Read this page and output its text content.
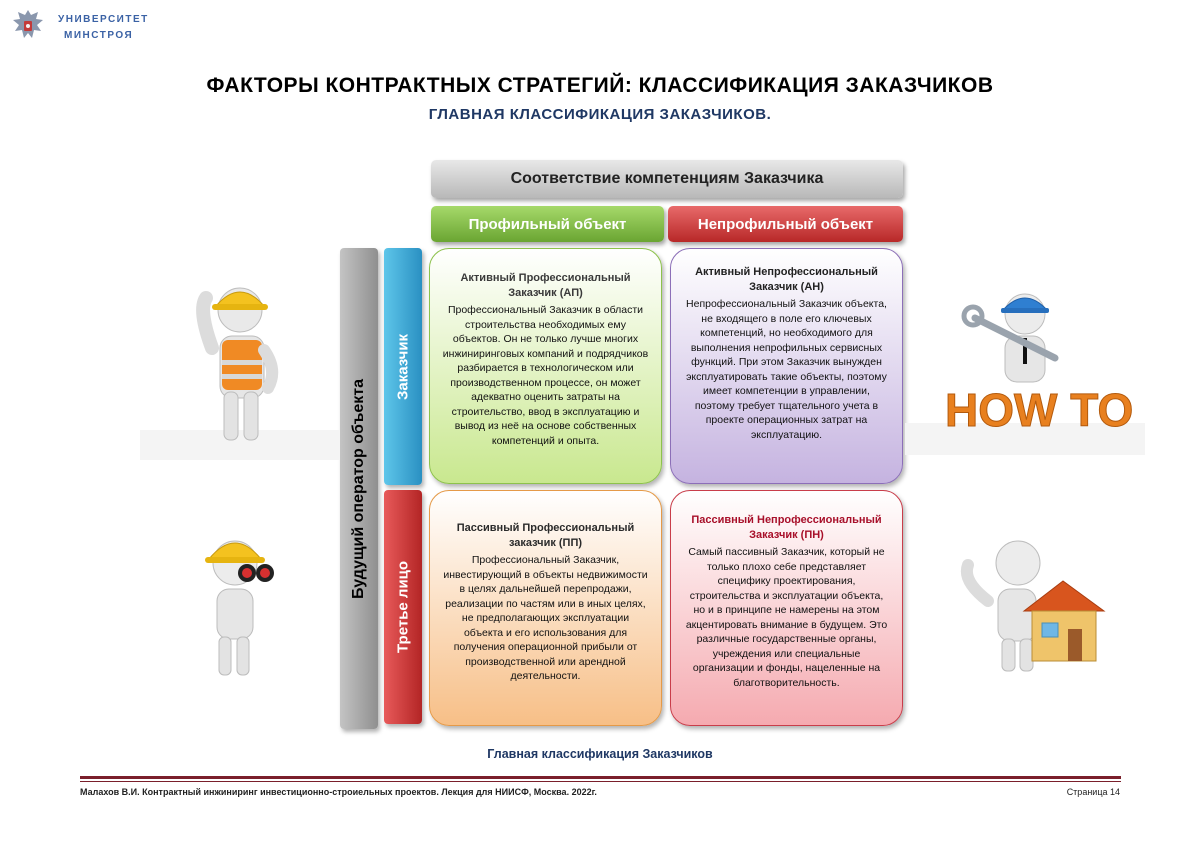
УНИВЕРСИТЕТ
МИНСТРОЯ
ФАКТОРЫ КОНТРАКТНЫХ СТРАТЕГИЙ: КЛАССИФИКАЦИЯ ЗАКАЗЧИКОВ
ГЛАВНАЯ КЛАССИФИКАЦИЯ ЗАКАЗЧИКОВ.
Соответствие компетенциям Заказчика
Профильный объект	Непрофильный объект
Будущий оператор объекта
Заказчик
Третье лицо
Активный Профессиональный Заказчик (АП)
Профессиональный Заказчик в области строительства необходимых ему объектов. Он не только лучше многих инжиниринговых компаний и подрядчиков разбирается в технологическом или производственном процессе, он может адекватно оценить затраты на строительство, ввод в эксплуатацию и вывод из неё на основе собственных компетенций и опыта.
Активный Непрофессиональный Заказчик (АН)
Непрофессиональный Заказчик объекта, не входящего в поле его ключевых компетенций, но необходимого для выполнения непрофильных сервисных функций. При этом Заказчик вынужден эксплуатировать такие объекты, поэтому имеет компетенции в управлении, поэтому требует тщательного учета в проекте операционных затрат на эксплуатацию.
Пассивный Профессиональный заказчик (ПП)
Профессиональный Заказчик, инвестирующий в объекты недвижимости в целях дальнейшей перепродажи, реализации по частям или в иных целях, не предполагающих эксплуатации объекта и его использования для получения операционной прибыли от производственной или арендной деятельности.
Пассивный Непрофессиональный Заказчик (ПН)
Самый пассивный Заказчик, который не только плохо себе представляет специфику проектирования, строительства и эксплуатации объекта, но и в принципе не намерены на этом акцентировать внимание в будущем. Это различные государственные органы, учреждения или специальные организации и фонды, нацеленные на благотворительность.
HOW TO
Главная классификация Заказчиков
Малахов В.И. Контрактный инжиниринг инвестиционно-строиельных проектов. Лекция для НИИСФ, Москва. 2022г.	Страница 14
